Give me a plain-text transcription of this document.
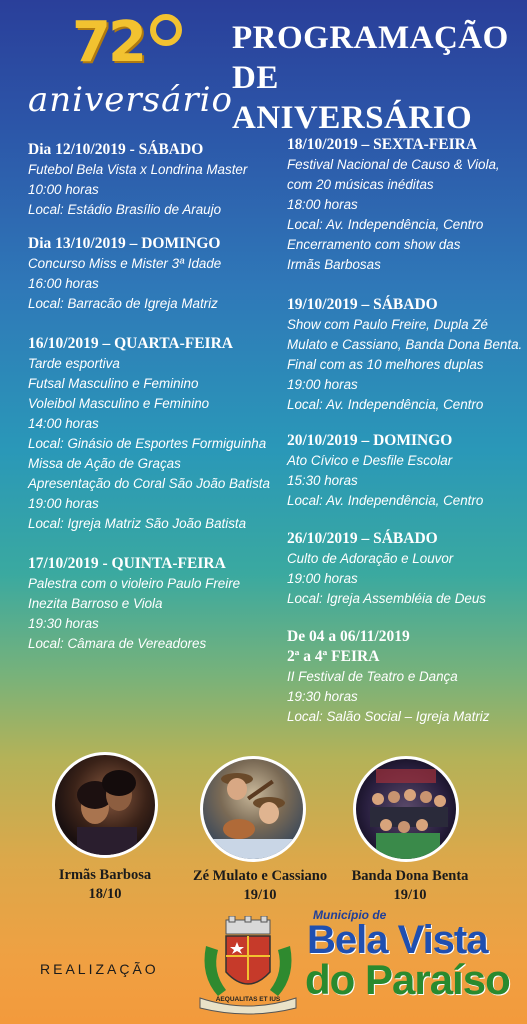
72
aniversário
PROGRAMAÇÃO
DE ANIVERSÁRIO
Dia 12/10/2019 - SÁBADO
Futebol Bela Vista x Londrina Master
10:00 horas
Local: Estádio Brasílio de Araujo
Dia 13/10/2019 – DOMINGO
Concurso Miss e Mister 3ª Idade
16:00 horas
Local: Barracão de Igreja Matriz
16/10/2019 – QUARTA-FEIRA
Tarde esportiva
Futsal Masculino e Feminino
Voleibol Masculino e Feminino
14:00 horas
Local: Ginásio de Esportes Formiguinha
Missa de Ação de Graças
Apresentação do Coral São João Batista
19:00 horas
Local: Igreja Matriz São João Batista
17/10/2019 - QUINTA-FEIRA
Palestra com o violeiro Paulo Freire
Inezita Barroso e Viola
19:30 horas
Local: Câmara de Vereadores
18/10/2019 – SEXTA-FEIRA
Festival Nacional de Causo & Viola,
com 20 músicas inéditas
18:00 horas
Local: Av. Independência, Centro
Encerramento com show das
Irmãs Barbosas
19/10/2019 – SÁBADO
Show com Paulo Freire, Dupla Zé
Mulato e Cassiano, Banda Dona Benta.
Final com as 10 melhores duplas
19:00 horas
Local: Av. Independência, Centro
20/10/2019 – DOMINGO
Ato Cívico e Desfile Escolar
15:30 horas
Local: Av. Independência, Centro
26/10/2019 – SÁBADO
Culto de Adoração e Louvor
19:00 horas
Local: Igreja Assembléia de Deus
De 04 a 06/11/2019
2ª a 4ª FEIRA
II Festival de Teatro e Dança
19:30 horas
Local: Salão Social – Igreja Matriz
Irmãs Barbosa
18/10
Zé Mulato e Cassiano
19/10
Banda Dona Benta
19/10
REALIZAÇÃO
AEQUALITAS ET IUS
Município de
Bela Vista
do Paraíso
